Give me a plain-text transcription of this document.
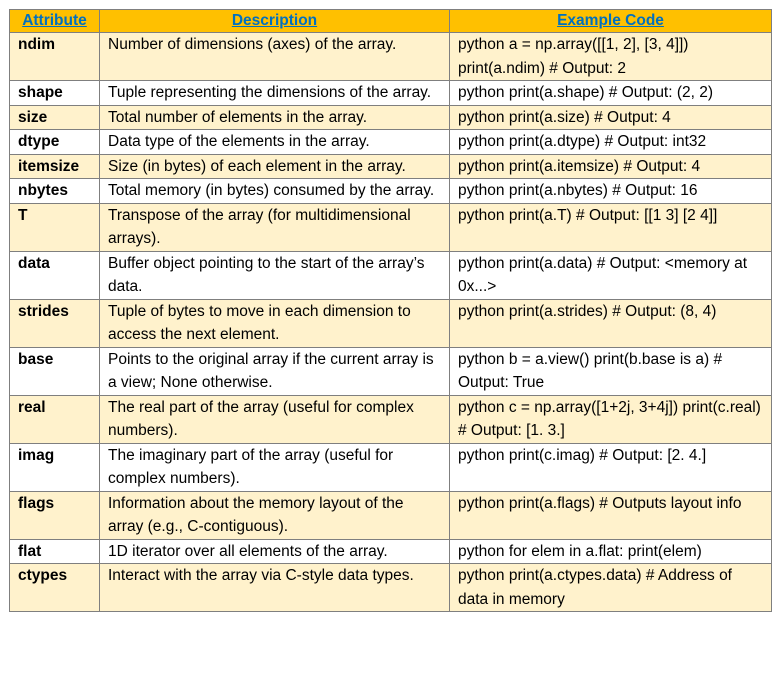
Attribute	Description	Example Code
ndim	Number of dimensions (axes) of the array.	python a = np.array([[1, 2], [3, 4]]) print(a.ndim) # Output: 2
shape	Tuple representing the dimensions of the array.	python print(a.shape) # Output: (2, 2)
size	Total number of elements in the array.	python print(a.size) # Output: 4
dtype	Data type of the elements in the array.	python print(a.dtype) # Output: int32
itemsize	Size (in bytes) of each element in the array.	python print(a.itemsize) # Output: 4
nbytes	Total memory (in bytes) consumed by the array.	python print(a.nbytes) # Output: 16
T	Transpose of the array (for multidimensional arrays).	python print(a.T) # Output: [[1 3] [2 4]]
data	Buffer object pointing to the start of the array’s data.	python print(a.data) # Output: <memory at 0x...>
strides	Tuple of bytes to move in each dimension to access the next element.	python print(a.strides) # Output: (8, 4)
base	Points to the original array if the current array is a view; None otherwise.	python b = a.view() print(b.base is a) # Output: True
real	The real part of the array (useful for complex numbers).	python c = np.array([1+2j, 3+4j]) print(c.real) # Output: [1. 3.]
imag	The imaginary part of the array (useful for complex numbers).	python print(c.imag) # Output: [2. 4.]
flags	Information about the memory layout of the array (e.g., C-contiguous).	python print(a.flags) # Outputs layout info
flat	1D iterator over all elements of the array.	python for elem in a.flat: print(elem)
ctypes	Interact with the array via C-style data types.	python print(a.ctypes.data) # Address of data in memory
